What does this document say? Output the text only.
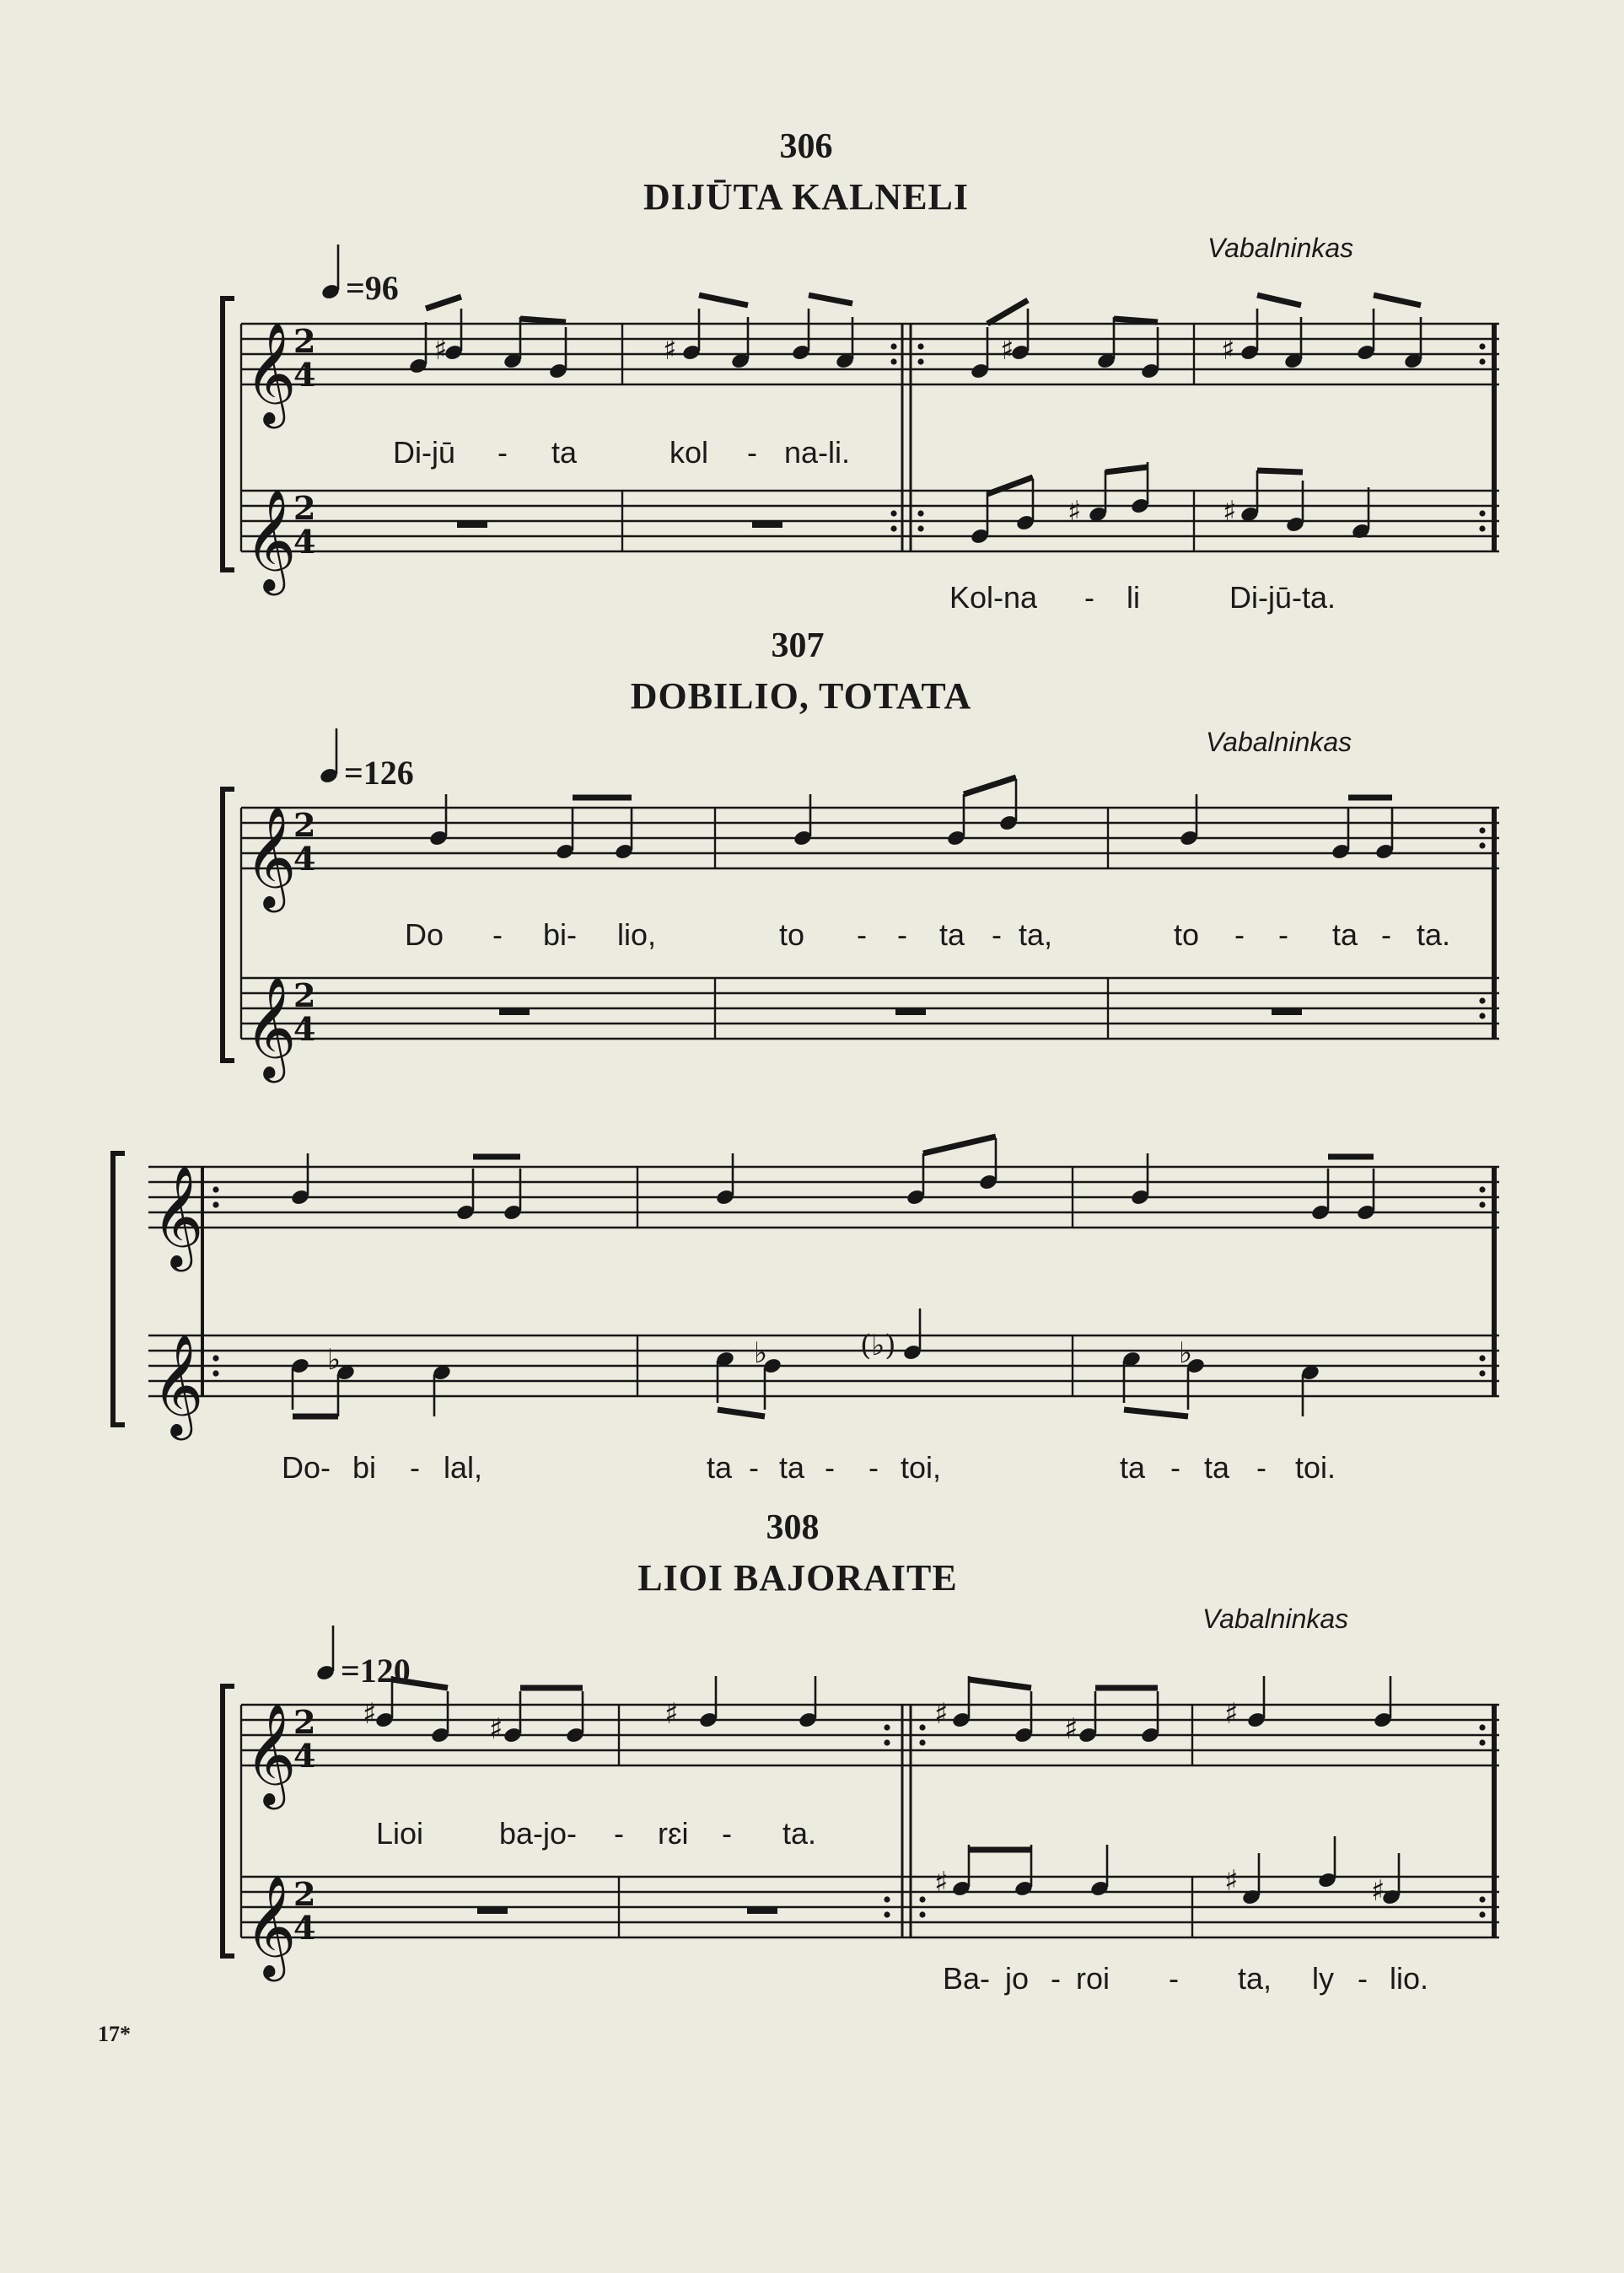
𝄞
2
4
𝄞
2
4
♯	♯	♯	♯
♯	♯
𝄞
2
4
𝄞
2
4
𝄞
𝄞	♭	♭	♭
𝄞
2
4
𝄞
2
4
♯	♯	♯	♯	♯	♯
♯	♯	♯
306
DIJŪTA KALNELI
Vabalninkas
=96
Di-jū - ta	kol - na-li.
Kol-na - li	Di-jū-ta.
307
DOBILIO, TOTATA
Vabalninkas
=126
Do - bi- lio,	to - - ta - ta,	to - - ta - ta.
Do- bi - lal,	ta - ta - - toi,	ta - ta - toi.
308
LIOI BAJORAITE
Vabalninkas
=120
Lioi ba-jo- - rɛi - ta.
Ba- jo - roi - ta, ly - lio.
(♭)
17*
